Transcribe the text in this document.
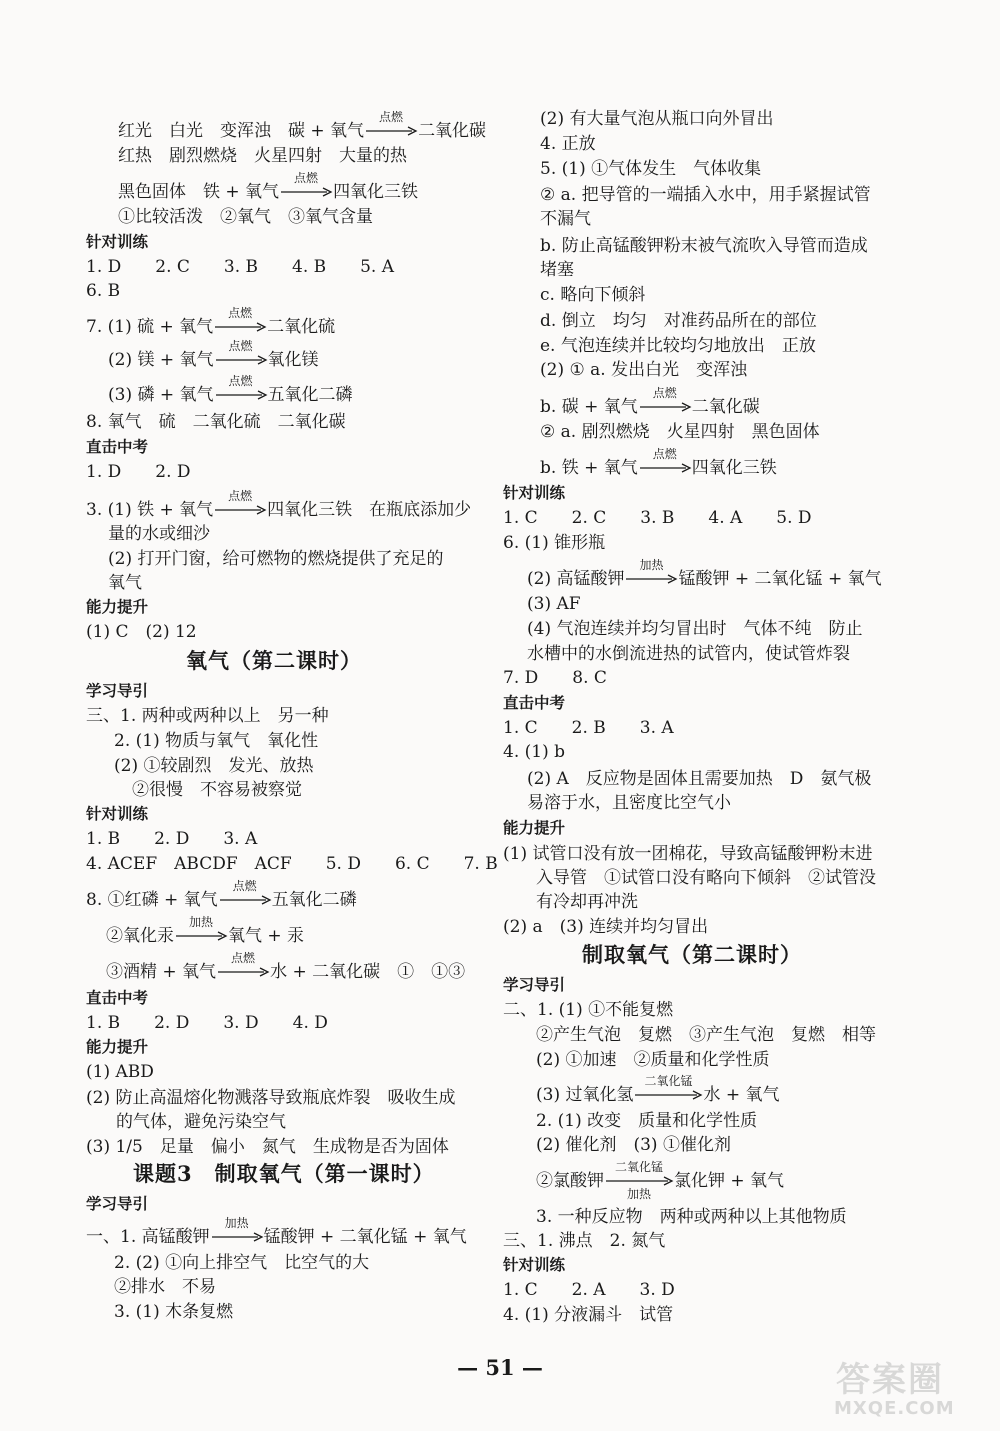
红光　白光　变浑浊　碳 + 氧气
点燃
二氧化碳
红热　剧烈燃烧　火星四射　大量的热
黑色固体　铁 + 氧气
点燃
四氧化三铁
①比较活泼　②氧气　③氧气含量
针对训练
1. D　　2. C　　3. B　　4. B　　5. A
6. B
7. (1) 硫 + 氧气
点燃
二氧化硫
(2) 镁 + 氧气
点燃
氧化镁
(3) 磷 + 氧气
点燃
五氧化二磷
8. 氧气　硫　二氧化硫　二氧化碳
直击中考
1. D　　2. D
3. (1) 铁 + 氧气
点燃
四氧化三铁　在瓶底添加少
量的水或细沙
(2) 打开门窗，给可燃物的燃烧提供了充足的
氧气
能力提升
(1) C　(2) 12
氧气（第二课时）
学习导引
三、1. 两种或两种以上　另一种
2. (1) 物质与氧气　氧化性
(2) ①较剧烈　发光、放热
②很慢　不容易被察觉
针对训练
1. B　　2. D　　3. A
4. ACEF　ABCDF　ACF　　5. D　　6. C　　7. B
8. ①红磷 + 氧气
点燃
五氧化二磷
②氧化汞
加热
氧气 + 汞
③酒精 + 氧气
点燃
水 + 二氧化碳　①　①③
直击中考
1. B　　2. D　　3. D　　4. D
能力提升
(1) ABD
(2) 防止高温熔化物溅落导致瓶底炸裂　吸收生成
的气体，避免污染空气
(3) 1/5　足量　偏小　氮气　生成物是否为固体
课题3　制取氧气（第一课时）
学习导引
一、1. 高锰酸钾
加热
锰酸钾 + 二氧化锰 + 氧气
2. (2) ①向上排空气　比空气的大
②排水　不易
3. (1) 木条复燃
(2) 有大量气泡从瓶口向外冒出
4. 正放
5. (1) ①气体发生　气体收集
② a. 把导管的一端插入水中，用手紧握试管
不漏气
b. 防止高锰酸钾粉末被气流吹入导管而造成
堵塞
c. 略向下倾斜
d. 倒立　均匀　对准药品所在的部位
e. 气泡连续并比较均匀地放出　正放
(2) ① a. 发出白光　变浑浊
b. 碳 + 氧气
点燃
二氧化碳
② a. 剧烈燃烧　火星四射　黑色固体
b. 铁 + 氧气
点燃
四氧化三铁
针对训练
1. C　　2. C　　3. B　　4. A　　5. D
6. (1) 锥形瓶
(2) 高锰酸钾
加热
锰酸钾 + 二氧化锰 + 氧气
(3) AF
(4) 气泡连续并均匀冒出时　气体不纯　防止
水槽中的水倒流进热的试管内，使试管炸裂
7. D　　8. C
直击中考
1. C　　2. B　　3. A
4. (1) b
(2) A　反应物是固体且需要加热　D　氨气极
易溶于水，且密度比空气小
能力提升
(1) 试管口没有放一团棉花，导致高锰酸钾粉末进
入导管　①试管口没有略向下倾斜　②试管没
有冷却再冲洗
(2) a　(3) 连续并均匀冒出
制取氧气（第二课时）
学习导引
二、1. (1) ①不能复燃
②产生气泡　复燃　③产生气泡　复燃　相等
(2) ①加速　②质量和化学性质
(3) 过氧化氢
二氧化锰
水 + 氧气
2. (1) 改变　质量和化学性质
(2) 催化剂　(3) ①催化剂
②氯酸钾
二氧化锰
加热
氯化钾 + 氧气
3. 一种反应物　两种或两种以上其他物质
三、1. 沸点　2. 氮气
针对训练
1. C　　2. A　　3. D
4. (1) 分液漏斗　试管
— 51 —	答案圈
MXQE.COM
